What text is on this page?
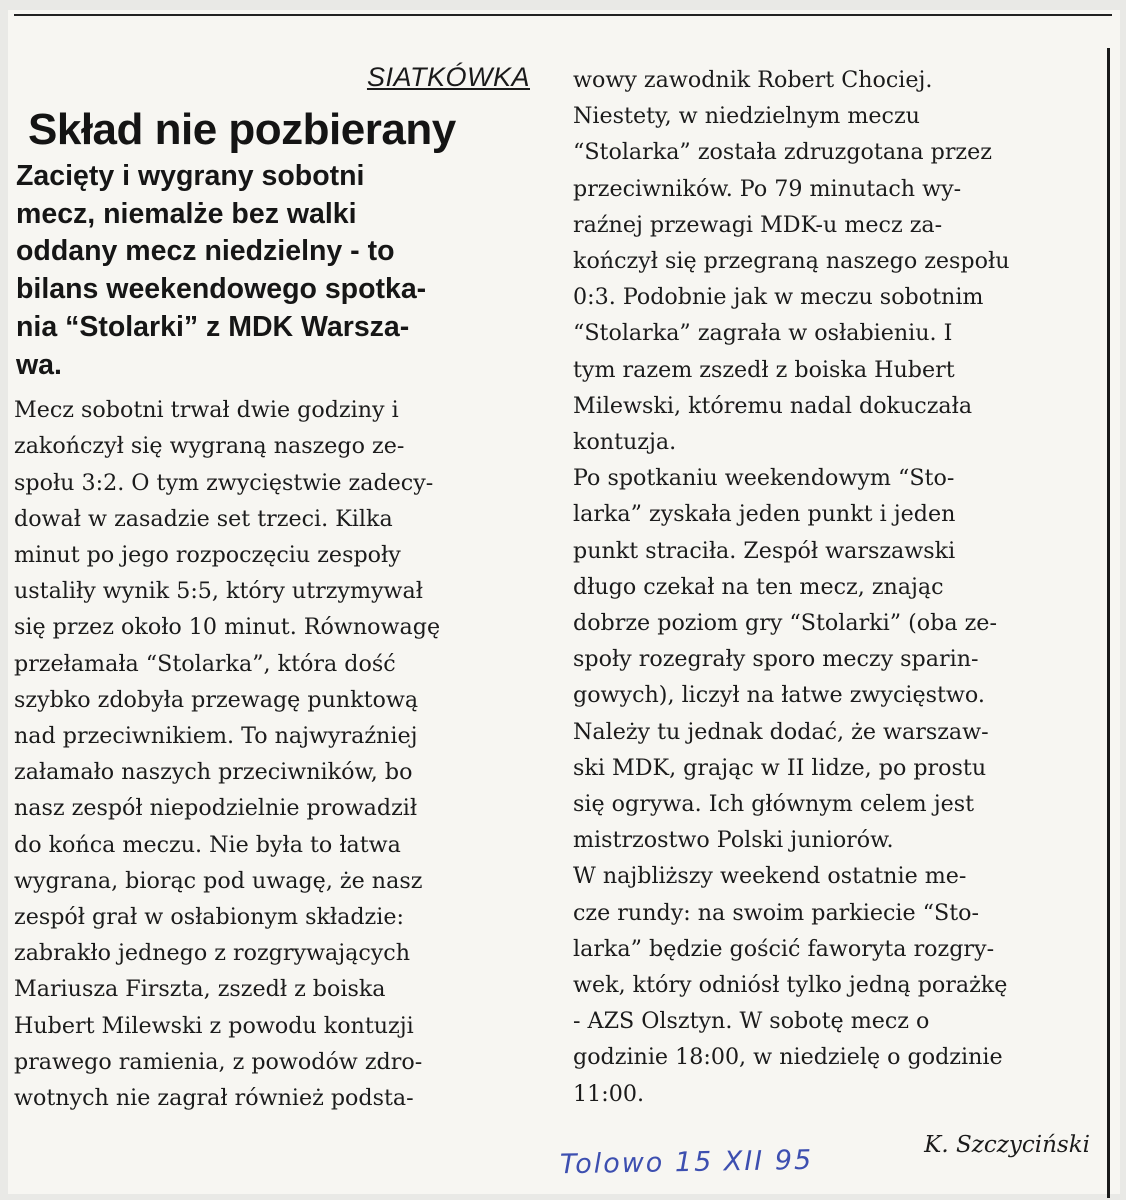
SIATKÓWKA
Skład nie pozbierany
Zacięty i wygrany sobotni
mecz, niemalże bez walki
oddany mecz niedzielny - to
bilans weekendowego spotka-
nia “Stolarki” z MDK Warsza-
wa.
Mecz sobotni trwał dwie godziny i
zakończył się wygraną naszego ze-
społu 3:2. O tym zwycięstwie zadecy-
dował w zasadzie set trzeci. Kilka
minut po jego rozpoczęciu zespoły
ustaliły wynik 5:5, który utrzymywał
się przez około 10 minut. Równowagę
przełamała “Stolarka”, która dość
szybko zdobyła przewagę punktową
nad przeciwnikiem. To najwyraźniej
załamało naszych przeciwników, bo
nasz zespół niepodzielnie prowadził
do końca meczu. Nie była to łatwa
wygrana, biorąc pod uwagę, że nasz
zespół grał w osłabionym składzie:
zabrakło jednego z rozgrywających
Mariusza Firszta, zszedł z boiska
Hubert Milewski z powodu kontuzji
prawego ramienia, z powodów zdro-
wotnych nie zagrał również podsta-
wowy zawodnik Robert Chociej.
Niestety, w niedzielnym meczu
“Stolarka” została zdruzgotana przez
przeciwników. Po 79 minutach wy-
raźnej przewagi MDK-u mecz za-
kończył się przegraną naszego zespołu
0:3. Podobnie jak w meczu sobotnim
“Stolarka” zagrała w osłabieniu. I
tym razem zszedł z boiska Hubert
Milewski, któremu nadal dokuczała
kontuzja.
Po spotkaniu weekendowym “Sto-
larka” zyskała jeden punkt i jeden
punkt straciła. Zespół warszawski
długo czekał na ten mecz, znając
dobrze poziom gry “Stolarki” (oba ze-
społy rozegrały sporo meczy sparin-
gowych), liczył na łatwe zwycięstwo.
Należy tu jednak dodać, że warszaw-
ski MDK, grając w II lidze, po prostu
się ogrywa. Ich głównym celem jest
mistrzostwo Polski juniorów.
W najbliższy weekend ostatnie me-
cze rundy: na swoim parkiecie “Sto-
larka” będzie gościć faworyta rozgry-
wek, który odniósł tylko jedną porażkę
- AZS Olsztyn. W sobotę mecz o
godzinie 18:00, w niedzielę o godzinie
11:00.
K. Szczyciński
Tolowo 15 XII 95
